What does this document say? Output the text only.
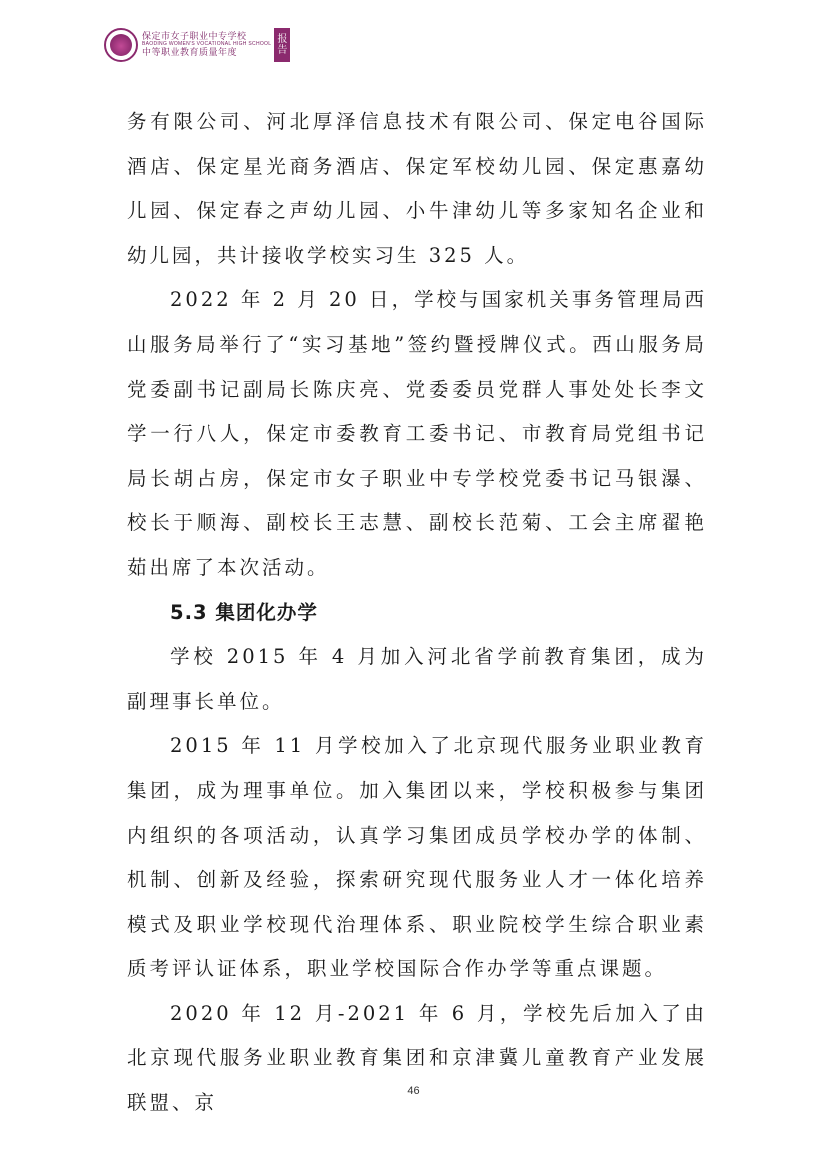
保定市女子职业中专学校
BAODING WOMEN'S VOCATIONAL HIGH SCHOOL
中等职业教育质量年度
报
告

务有限公司、河北厚泽信息技术有限公司、保定电谷国际酒店、保定星光商务酒店、保定军校幼儿园、保定惠嘉幼儿园、保定春之声幼儿园、小牛津幼儿等多家知名企业和幼儿园，共计接收学校实习生 325 人。

2022 年 2 月 20 日，学校与国家机关事务管理局西山服务局举行了“实习基地”签约暨授牌仪式。西山服务局党委副书记副局长陈庆亮、党委委员党群人事处处长李文学一行八人，保定市委教育工委书记、市教育局党组书记局长胡占房，保定市女子职业中专学校党委书记马银瀑、校长于顺海、副校长王志慧、副校长范菊、工会主席翟艳茹出席了本次活动。

5.3 集团化办学

学校 2015 年 4 月加入河北省学前教育集团，成为副理事长单位。

2015 年 11 月学校加入了北京现代服务业职业教育集团，成为理事单位。加入集团以来，学校积极参与集团内组织的各项活动，认真学习集团成员学校办学的体制、机制、创新及经验，探索研究现代服务业人才一体化培养模式及职业学校现代治理体系、职业院校学生综合职业素质考评认证体系，职业学校国际合作办学等重点课题。

2020 年 12 月-2021 年 6 月，学校先后加入了由北京现代服务业职业教育集团和京津冀儿童教育产业发展联盟、京

46
